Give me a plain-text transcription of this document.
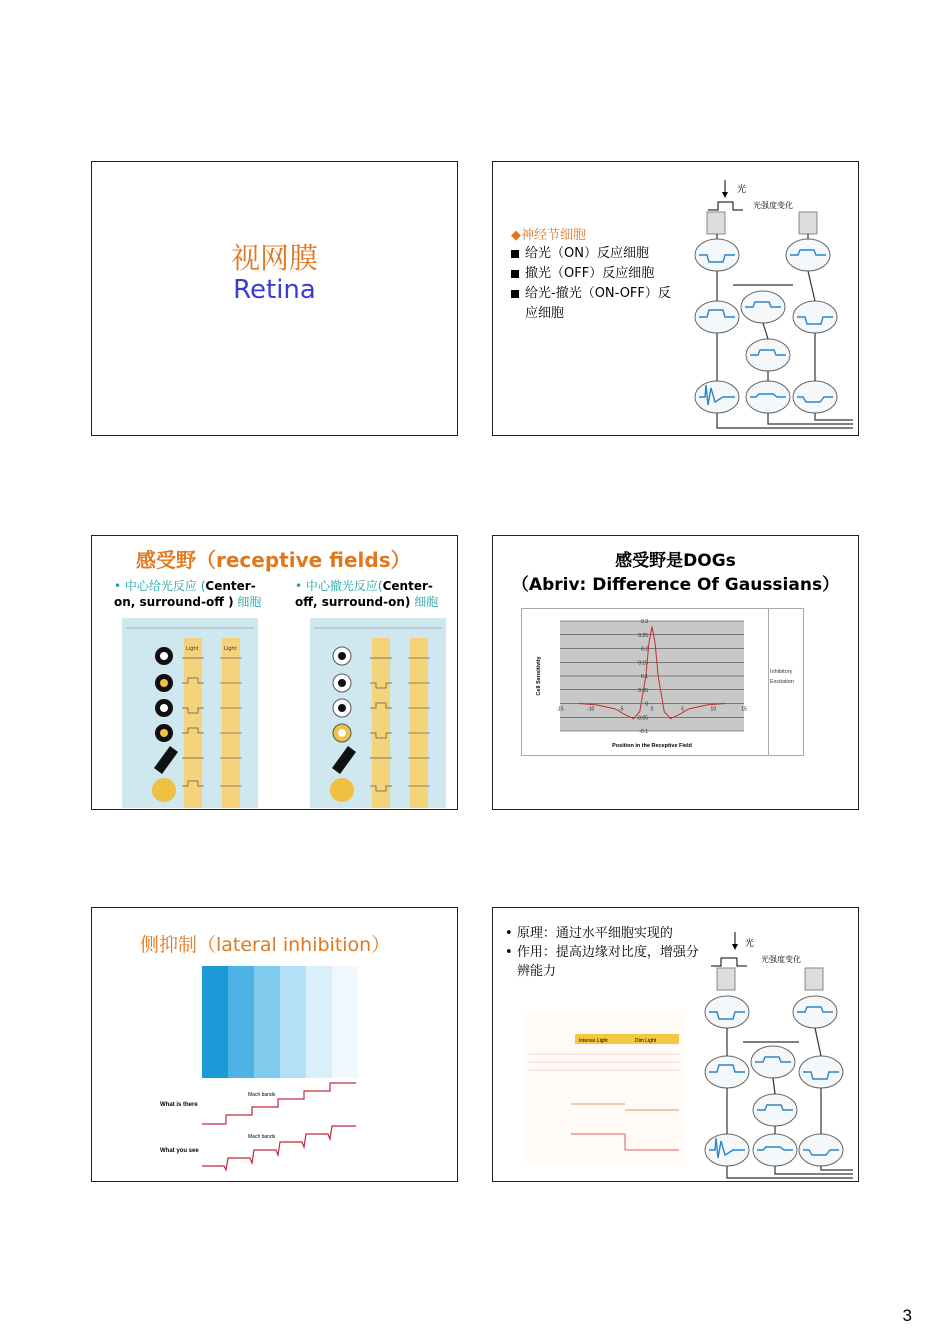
视网膜
Retina
◆神经节细胞
给光（ON）反应细胞
撤光（OFF）反应细胞
给光-撤光（ON-OFF）反
应细胞
光
光强度变化
感受野（receptive fields）
• 中心给光反应 (Center-
on, surround-off ) 细胞
• 中心撤光反应(Center-
off, surround-on) 细胞
Light	Light
感受野是DOGs
（Abriv: Difference Of Gaussians）
0.3
0.25
0.2
0.15
0.1
0.05
0
-0.05
-0.1
-15	-10	-5	0	5	10	15
Position in the Receptive Field
Cell Sensitivity	Inhibitory
Excitation
侧抑制（lateral inhibition）
What is there
What you see
Mach bands
Mach bands
• 原理：通过水平细胞实现的
• 作用：提高边缘对比度，增强分辨能力
Intense Light	Dim Light
光
光强度变化
3
